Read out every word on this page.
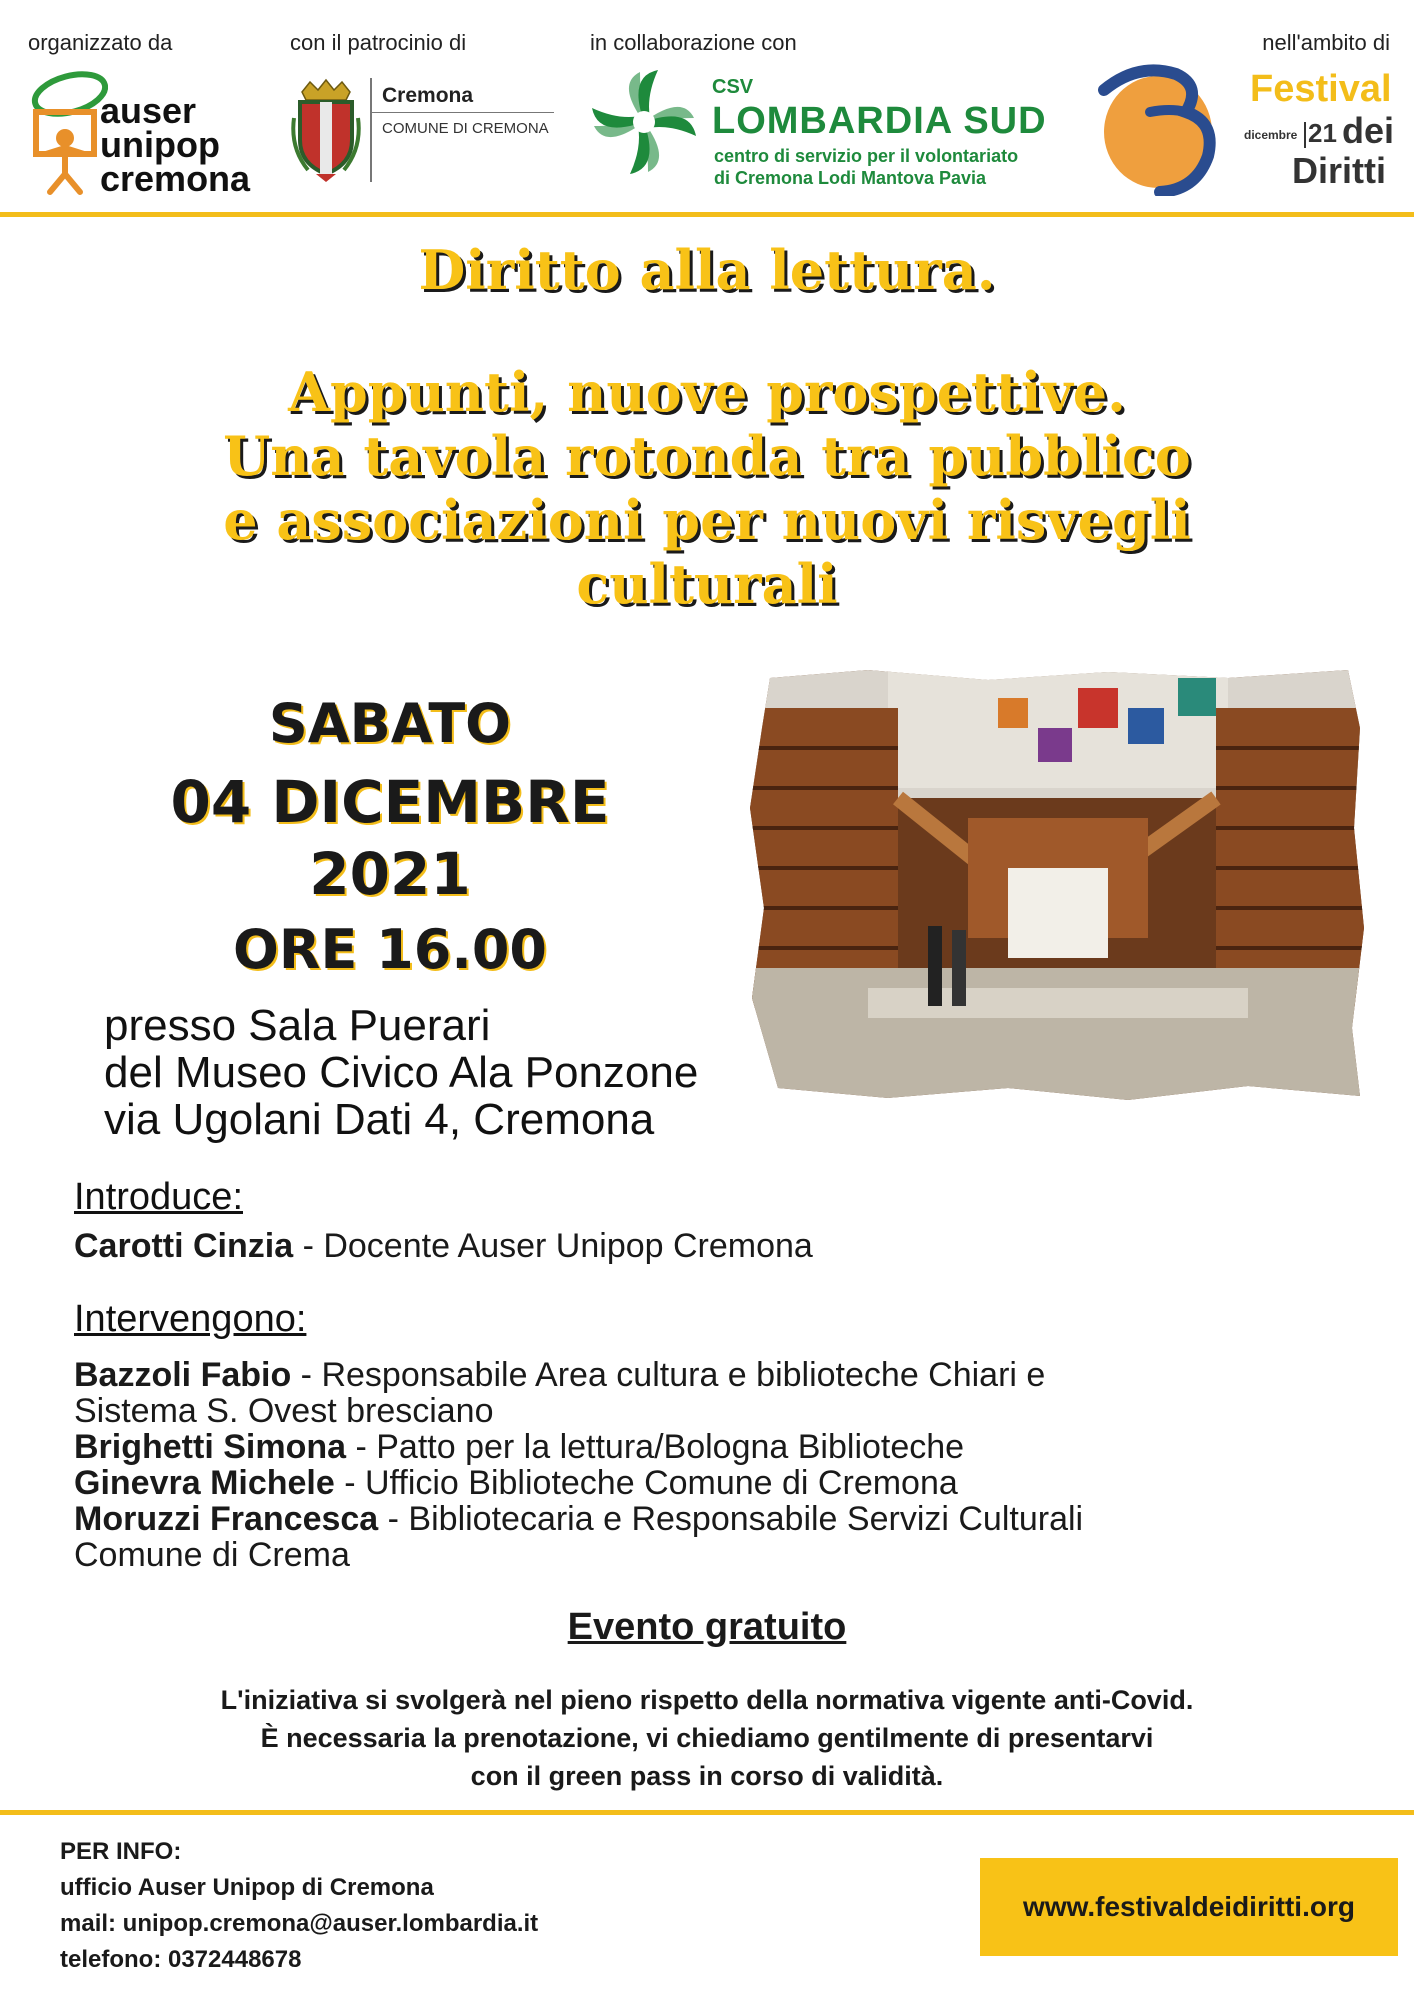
organizzato da	con il patrocinio di	in collaborazione con	nell'ambito di
auser
unipop
cremona
Cremona
COMUNE DI CREMONA
CSV
LOMBARDIA SUD
centro di servizio per il volontariato
di Cremona Lodi Mantova Pavia
Festival
dicembre 21 dei
Diritti
Diritto alla lettura.
Appunti, nuove prospettive.
Una tavola rotonda tra pubblico
e associazioni per nuovi risvegli
culturali
SABATO
04 DICEMBRE
2021
ORE 16.00
presso Sala Puerari
del Museo Civico Ala Ponzone
via Ugolani Dati 4, Cremona
Introduce:
Carotti Cinzia - Docente Auser Unipop Cremona
Intervengono:
Bazzoli Fabio - Responsabile Area cultura e biblioteche Chiari e
Sistema S. Ovest bresciano
Brighetti Simona - Patto per la lettura/Bologna Biblioteche
Ginevra Michele - Ufficio Biblioteche Comune di Cremona
Moruzzi Francesca - Bibliotecaria e Responsabile Servizi Culturali
Comune di Crema
Evento gratuito
L'iniziativa si svolgerà nel pieno rispetto della normativa vigente anti-Covid.
È necessaria la prenotazione, vi chiediamo gentilmente di presentarvi
con il green pass in corso di validità.
PER INFO:
ufficio Auser Unipop di Cremona
mail: unipop.cremona@auser.lombardia.it
telefono: 0372448678
www.festivaldeidiritti.org
